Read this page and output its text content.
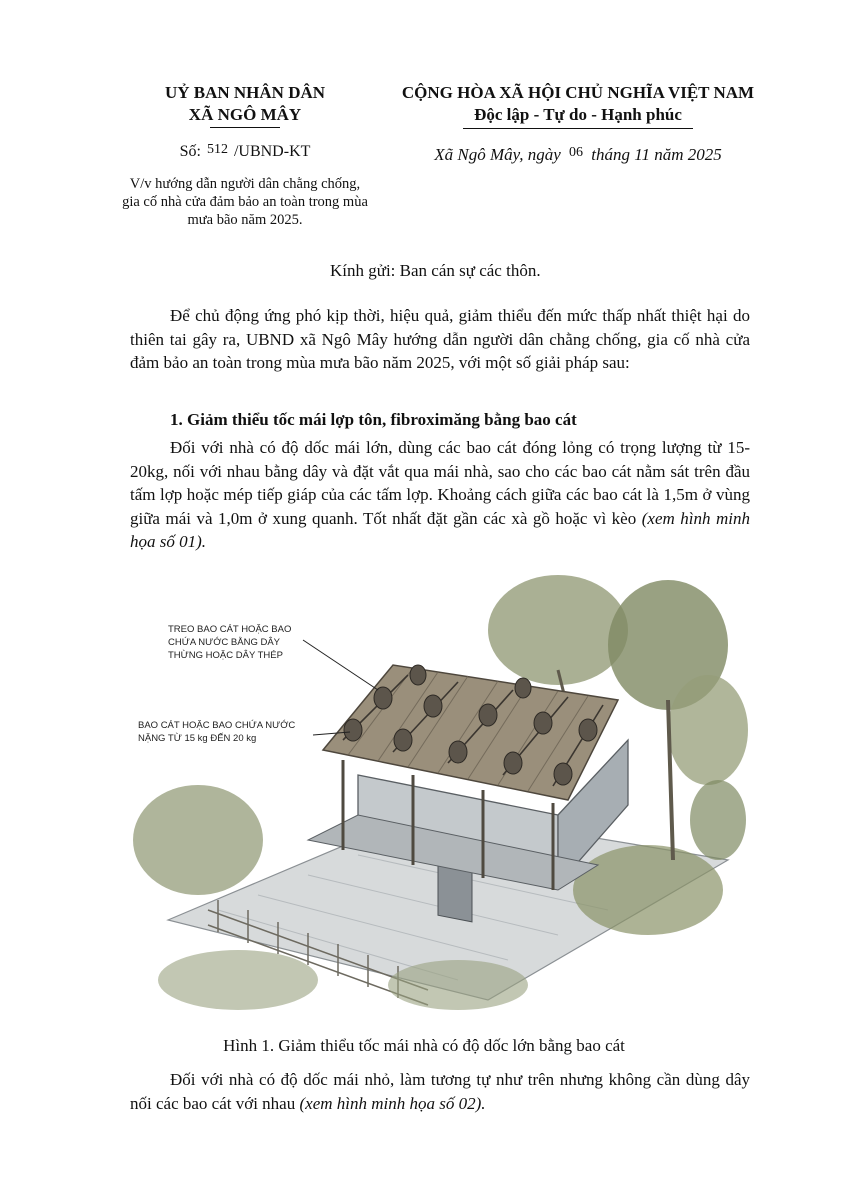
UỶ BAN NHÂN DÂN
XÃ NGÔ MÂY
Số: 512 /UBND-KT
V/v hướng dẫn người dân chằng chống, gia cố nhà cửa đảm bảo an toàn trong mùa mưa bão năm 2025.
CỘNG HÒA XÃ HỘI CHỦ NGHĨA VIỆT NAM
Độc lập - Tự do - Hạnh phúc
Xã Ngô Mây, ngày $^{06}$ tháng 11 năm 2025
Kính gửi: Ban cán sự các thôn.
Để chủ động ứng phó kịp thời, hiệu quả, giảm thiểu đến mức thấp nhất thiệt hại do thiên tai gây ra, UBND xã Ngô Mây hướng dẫn người dân chằng chống, gia cố nhà cửa đảm bảo an toàn trong mùa mưa bão năm 2025, với một số giải pháp sau:
1. Giảm thiểu tốc mái lợp tôn, fibroximăng bằng bao cát
Đối với nhà có độ dốc mái lớn, dùng các bao cát đóng lỏng có trọng lượng từ 15-20kg, nối với nhau bằng dây và đặt vắt qua mái nhà, sao cho các bao cát nằm sát trên đầu tấm lợp hoặc mép tiếp giáp của các tấm lợp. Khoảng cách giữa các bao cát là 1,5m ở vùng giữa mái và 1,0m ở xung quanh. Tốt nhất đặt gần các xà gồ hoặc vì kèo (xem hình minh họa số 01).
TREO BAO CÁT HOẶC BAO
CHỨA NƯỚC BẰNG DÂY
THỪNG HOẶC DÂY THÉP
BAO CÁT HOẶC BAO CHỨA NƯỚC
NẶNG TỪ 15 kg ĐẾN 20 kg
Hình 1. Giảm thiểu tốc mái nhà có độ dốc lớn bằng bao cát
Đối với nhà có độ dốc mái nhỏ, làm tương tự như trên nhưng không cần dùng dây nối các bao cát với nhau (xem hình minh họa số 02).
